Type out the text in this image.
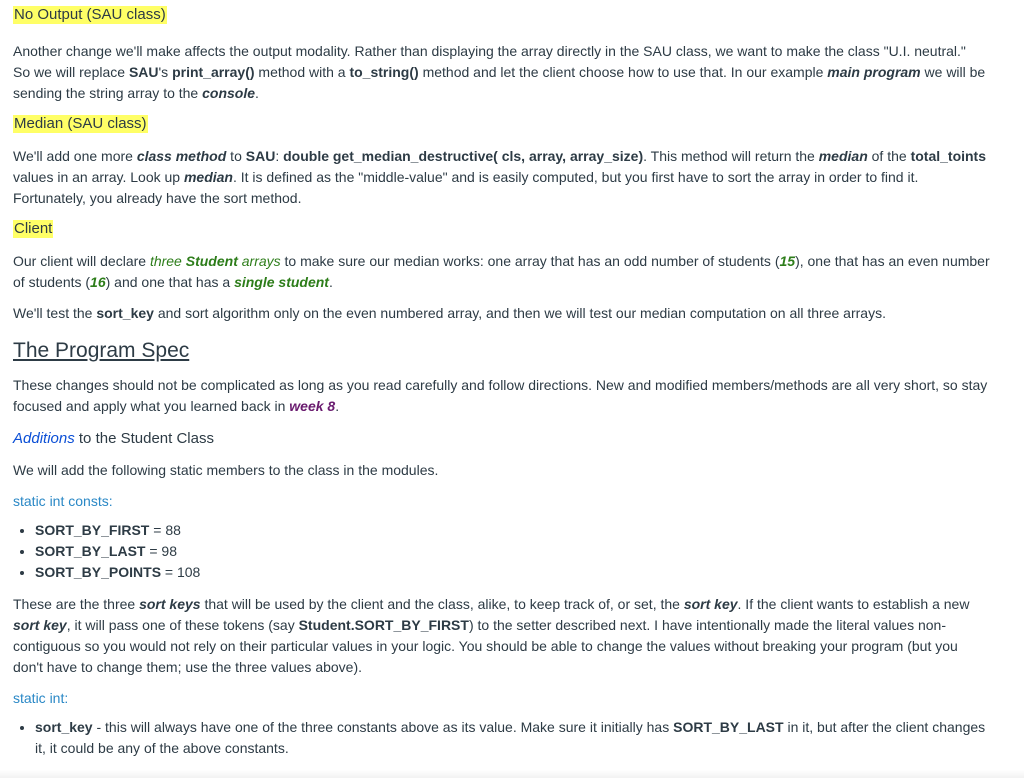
No Output (SAU class)

Another change we'll make affects the output modality. Rather than displaying the array directly in the SAU class, we want to make the class "U.I. neutral."
So we will replace SAU's print_array() method with a to_string() method and let the client choose how to use that. In our example main program we will be
sending the string array to the console.

Median (SAU class)

We'll add one more class method to SAU: double get_median_destructive( cls, array, array_size). This method will return the median of the total_toints
values in an array. Look up median. It is defined as the "middle-value" and is easily computed, but you first have to sort the array in order to find it.
Fortunately, you already have the sort method.

Client

Our client will declare three Student arrays to make sure our median works: one array that has an odd number of students (15), one that has an even number
of students (16) and one that has a single student.

We'll test the sort_key and sort algorithm only on the even numbered array, and then we will test our median computation on all three arrays.

The Program Spec

These changes should not be complicated as long as you read carefully and follow directions. New and modified members/methods are all very short, so stay
focused and apply what you learned back in week 8.

Additions to the Student Class

We will add the following static members to the class in the modules.

static int consts:

• SORT_BY_FIRST = 88
• SORT_BY_LAST = 98
• SORT_BY_POINTS = 108

These are the three sort keys that will be used by the client and the class, alike, to keep track of, or set, the sort key. If the client wants to establish a new
sort key, it will pass one of these tokens (say Student.SORT_BY_FIRST) to the setter described next. I have intentionally made the literal values non-
contiguous so you would not rely on their particular values in your logic. You should be able to change the values without breaking your program (but you
don't have to change them; use the three values above).

static int:

• sort_key - this will always have one of the three constants above as its value. Make sure it initially has SORT_BY_LAST in it, but after the client changes
it, it could be any of the above constants.
